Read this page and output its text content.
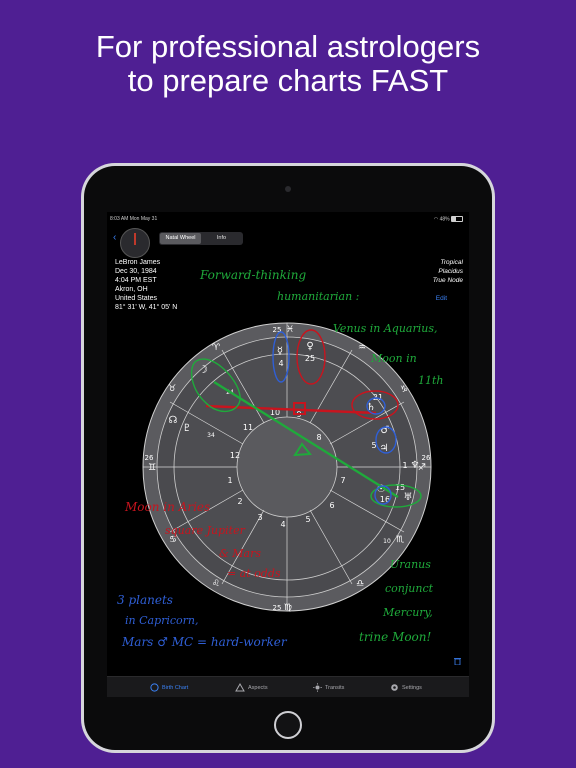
For professional astrologers
to prepare charts FAST
8:03 AM Mon May 31	◠ 48%
‹	Natal Wheel	Info
LeBron James
Dec 30, 1984
4:04 PM EST
Akron, OH
United States
81° 31' W, 41° 05' N
Tropical
Placidus
True Node
Edit
1
2
3
4
5
6
7
8
9
10
11
12
♓
♈
♉
♊
♋
♌
♍
♎
♏
♐
♑
♒
26	26
25
25
☽
24
☿
4
♀
25
♄
21
♂
♃
5
♆
1
♅
15
☉
16
♇
34
☊
10
Forward-thinking
humanitarian :
Venus in Aquarius,
Moon in
11th
Moon in Aries
square Jupiter
& Mars
= at odds
3 planets
in Capricorn,
Mars ♂ MC = hard-worker
Uranus
conjunct
Mercury,
trine Moon!
Birth Chart	Aspects	Transits	Settings
